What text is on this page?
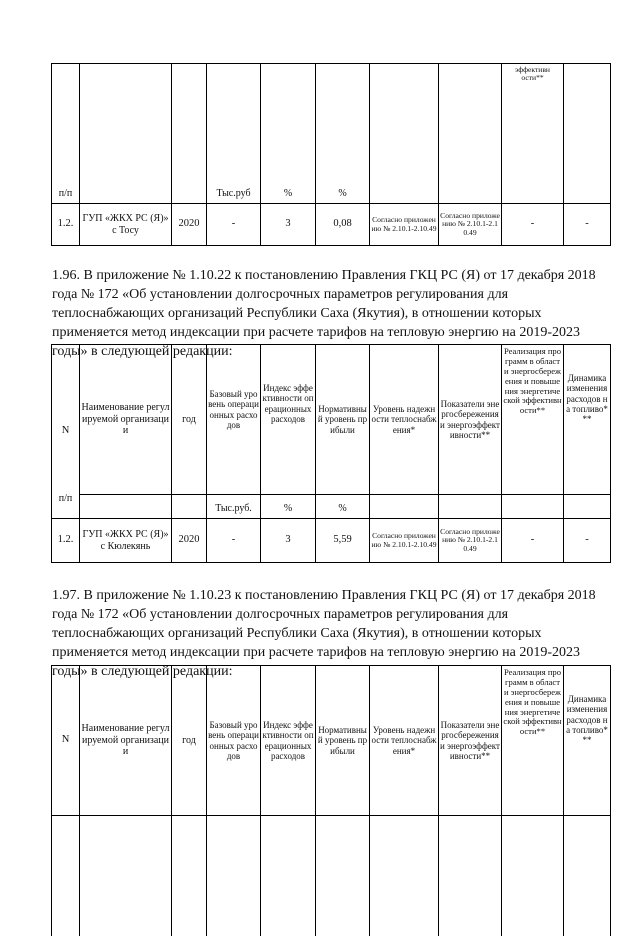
п/п			Тыс.руб	%	%			эффективн
ости**	

1.2.	ГУП «ЖКХ РС (Я)» с Тосу	2020	-	3	0,08	Согласно приложению № 2.10.1-2.10.49	Согласно приложению № 2.10.1-2.10.49	-	-
1.96. В приложение № 1.10.22 к постановлению Правления ГКЦ РС (Я) от 17 декабря 2018
года № 172 «Об установлении долгосрочных параметров регулирования для
теплоснабжающих организаций Республики Саха (Якутия), в отношении которых
применяется метод индексации при расчете тарифов на тепловую энергию на 2019-2023
годы» в следующей редакции:
N
п/п	Наименование регулируемой организации	год	Базовый уровень операционных расходов	Индекс эффективности операционных расходов	Нормативный уровень прибыли	Уровень надежности теплоснабжения*	Показатели энергосбережения и энергоэффективности**	Реализация программ в области энергосбережения и повышения энергетической эффективности**	Динамика изменения расходов на топливо***
			Тыс.руб.	%	%				
1.2.	ГУП «ЖКХ РС (Я)» с Кюлекянь	2020	-	3	5,59	Согласно приложению № 2.10.1-2.10.49	Согласно приложению № 2.10.1-2.10.49	-	-
1.97. В приложение № 1.10.23 к постановлению Правления ГКЦ РС (Я) от 17 декабря 2018
года № 172 «Об установлении долгосрочных параметров регулирования для
теплоснабжающих организаций Республики Саха (Якутия), в отношении которых
применяется метод индексации при расчете тарифов на тепловую энергию на 2019-2023
годы» в следующей редакции:
N	Наименование регулируемой организации	год	Базовый уровень операционных расходов	Индекс эффективности операционных расходов	Нормативный уровень прибыли	Уровень надежности теплоснабжения*	Показатели энергосбережения и энергоэффективности**	Реализация программ в области энергосбережения и повышения энергетической эффективности**	Динамика изменения расходов на топливо***
